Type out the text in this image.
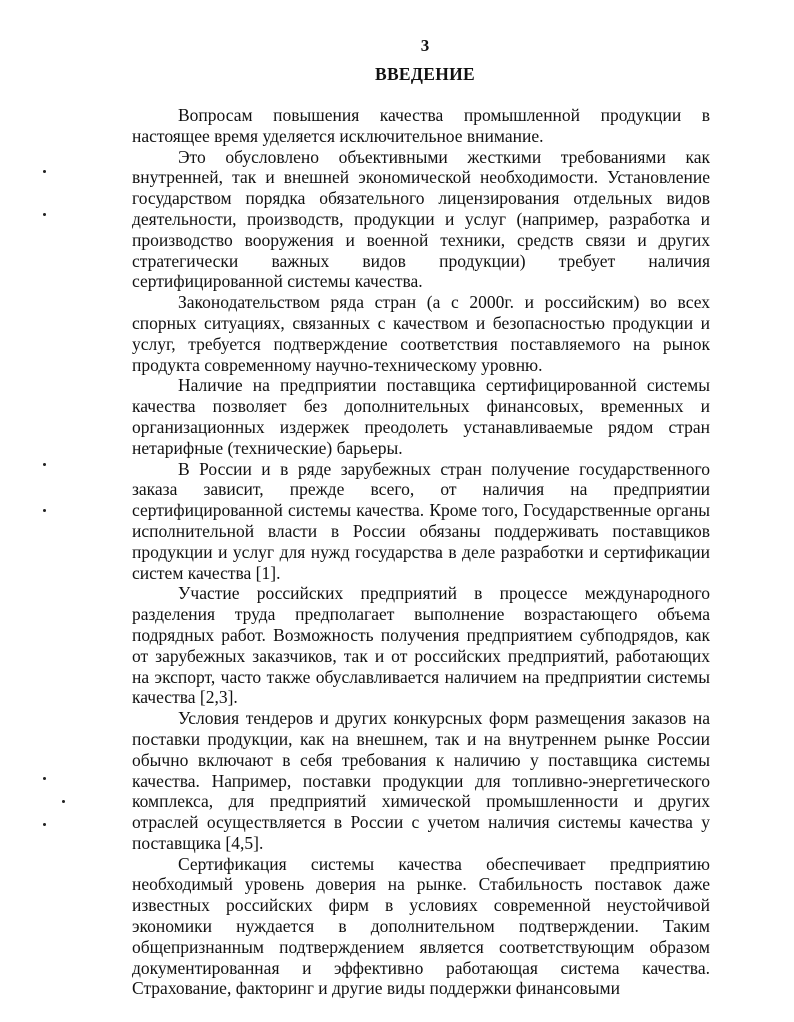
3
ВВЕДЕНИЕ

Вопросам повышения качества промышленной продукции в настоящее время уделяется исключительное внимание.

Это обусловлено объективными жесткими требованиями как внутренней, так и внешней экономической необходимости. Установление государством порядка обязательного лицензирования отдельных видов деятельности, производств, продукции и услуг (например, разработка и производство вооружения и военной техники, средств связи и других стратегически важных видов продукции) требует наличия сертифицированной системы качества.

Законодательством ряда стран (а с 2000г. и российским) во всех спорных ситуациях, связанных с качеством и безопасностью продукции и услуг, требуется подтверждение соответствия поставляемого на рынок продукта современному научно-техническому уровню.

Наличие на предприятии поставщика сертифицированной системы качества позволяет без дополнительных финансовых, временных и организационных издержек преодолеть устанавливаемые рядом стран нетарифные (технические) барьеры.

В России и в ряде зарубежных стран получение государственного заказа зависит, прежде всего, от наличия на предприятии сертифицированной системы качества. Кроме того, Государственные органы исполнительной власти в России обязаны поддерживать поставщиков продукции и услуг для нужд государства в деле разработки и сертификации систем качества [1].

Участие российских предприятий в процессе международного разделения труда предполагает выполнение возрастающего объема подрядных работ. Возможность получения предприятием субподрядов, как от зарубежных заказчиков, так и от российских предприятий, работающих на экспорт, часто также обуславливается наличием на предприятии системы качества [2,3].

Условия тендеров и других конкурсных форм размещения заказов на поставки продукции, как на внешнем, так и на внутреннем рынке России обычно включают в себя требования к наличию у поставщика системы качества. Например, поставки продукции для топливно-энергетического комплекса, для предприятий химической промышленности и других отраслей осуществляется в России с учетом наличия системы качества у поставщика [4,5].

Сертификация системы качества обеспечивает предприятию необходимый уровень доверия на рынке. Стабильность поставок даже известных российских фирм в условиях современной неустойчивой экономики нуждается в дополнительном подтверждении. Таким общепризнанным подтверждением является соответствующим образом документированная и эффективно работающая система качества. Страхование, факторинг и другие виды поддержки финансовыми
